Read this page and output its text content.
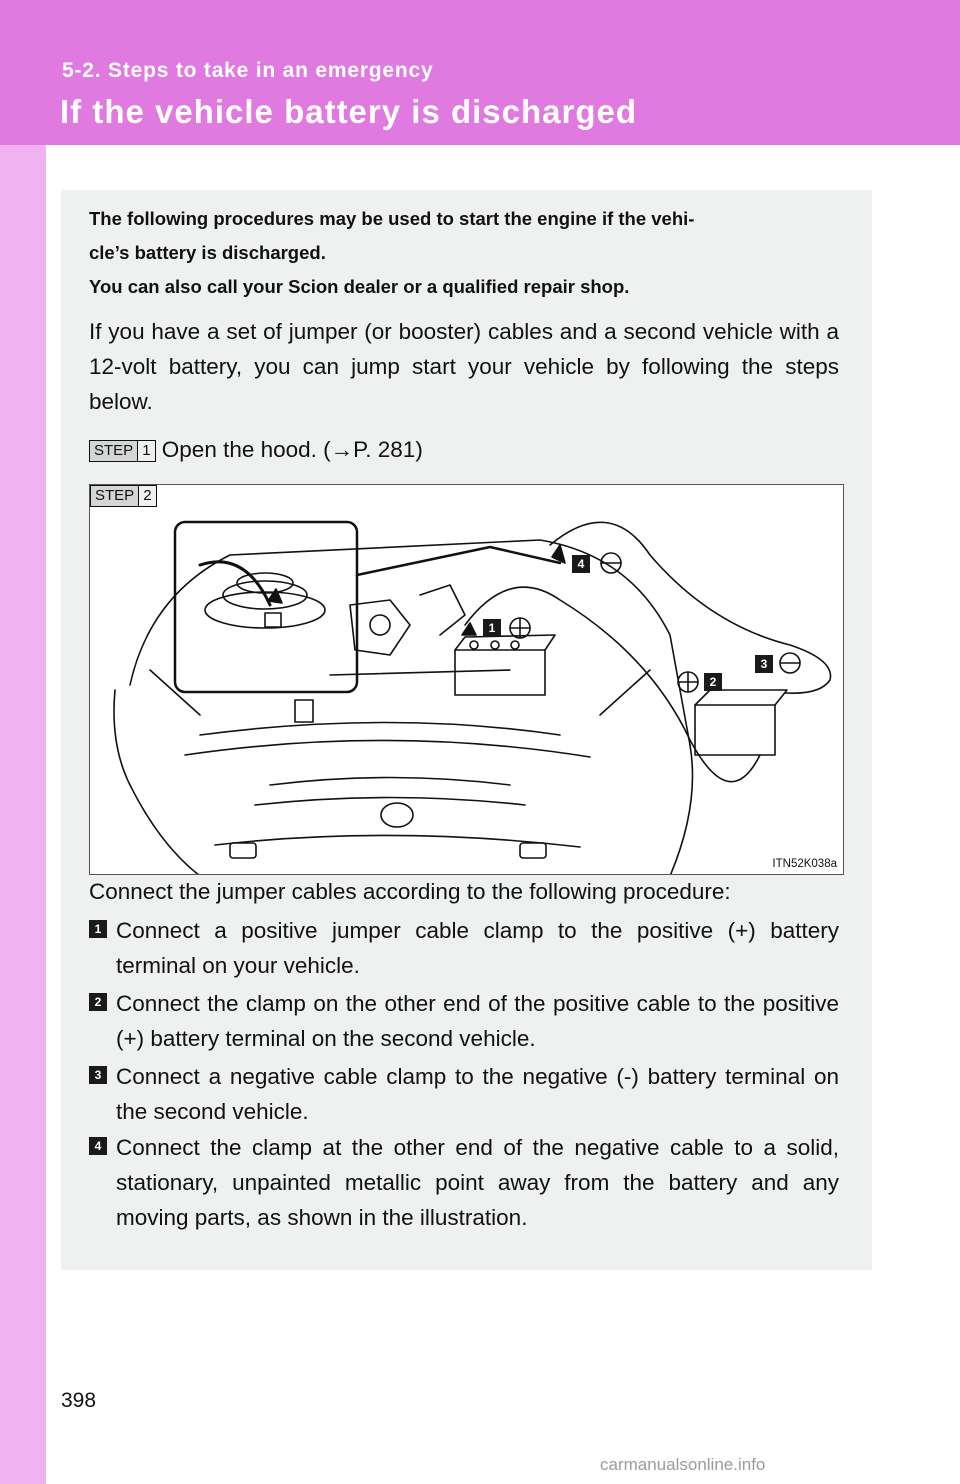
5-2. Steps to take in an emergency
If the vehicle battery is discharged
The following procedures may be used to start the engine if the vehi-
cle’s battery is discharged.
You can also call your Scion dealer or a qualified repair shop.
If you have a set of jumper (or booster) cables and a second vehicle with a 12-volt battery, you can jump start your vehicle by following the steps below.
STEP 1 Open the hood. (→P. 281)
STEP 2
1
2
3
4
ITN52K038a
Connect the jumper cables according to the following procedure:
1 Connect a positive jumper cable clamp to the positive (+) battery terminal on your vehicle.
2 Connect the clamp on the other end of the positive cable to the positive (+) battery terminal on the second vehicle.
3 Connect a negative cable clamp to the negative (-) battery terminal on the second vehicle.
4 Connect the clamp at the other end of the negative cable to a solid, stationary, unpainted metallic point away from the battery and any moving parts, as shown in the illustration.
398
carmanualsonline.info
